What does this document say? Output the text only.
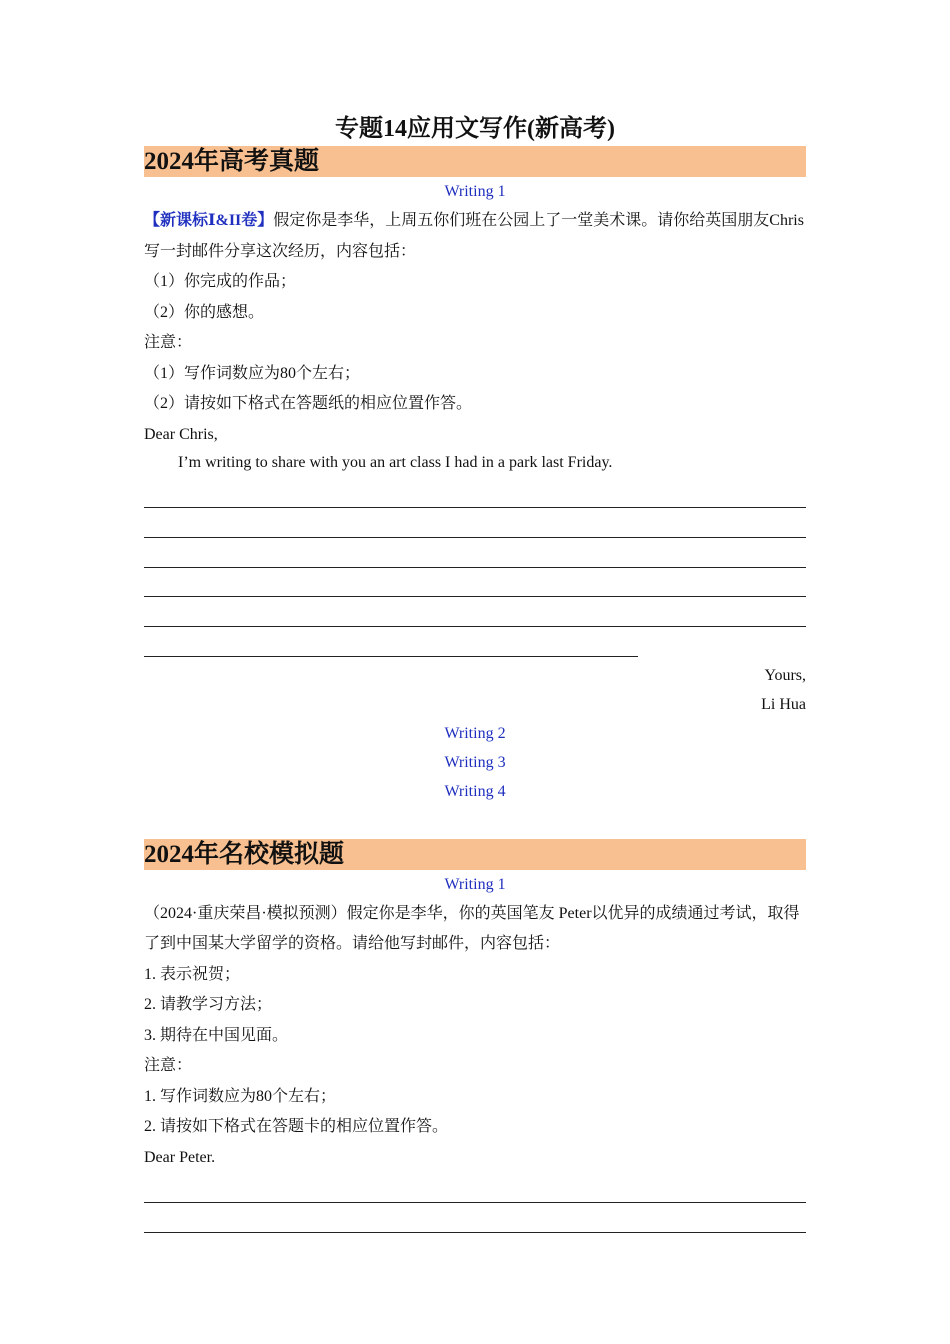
专题14应用文写作(新高考)
2024年高考真题
Writing 1

【新课标Ⅰ&II卷】假定你是李华，上周五你们班在公园上了一堂美术课。请你给英国朋友Chris写一封邮件分享这次经历，内容包括：

（1）你完成的作品；

（2）你的感想。

注意：

（1）写作词数应为80个左右；

（2）请按如下格式在答题纸的相应位置作答。

Dear Chris,

I’m writing to share with you an art class I had in a park last Friday.

Yours,
Li Hua
Writing 2
Writing 3
Writing 4
2024年名校模拟题
Writing 1

（2024·重庆荣昌·模拟预测）假定你是李华，你的英国笔友 Peter以优异的成绩通过考试，取得了到中国某大学留学的资格。请给他写封邮件，内容包括：

1. 表示祝贺；

2. 请教学习方法；

3. 期待在中国见面。

注意：

1. 写作词数应为80个左右；

2. 请按如下格式在答题卡的相应位置作答。

Dear Peter.
